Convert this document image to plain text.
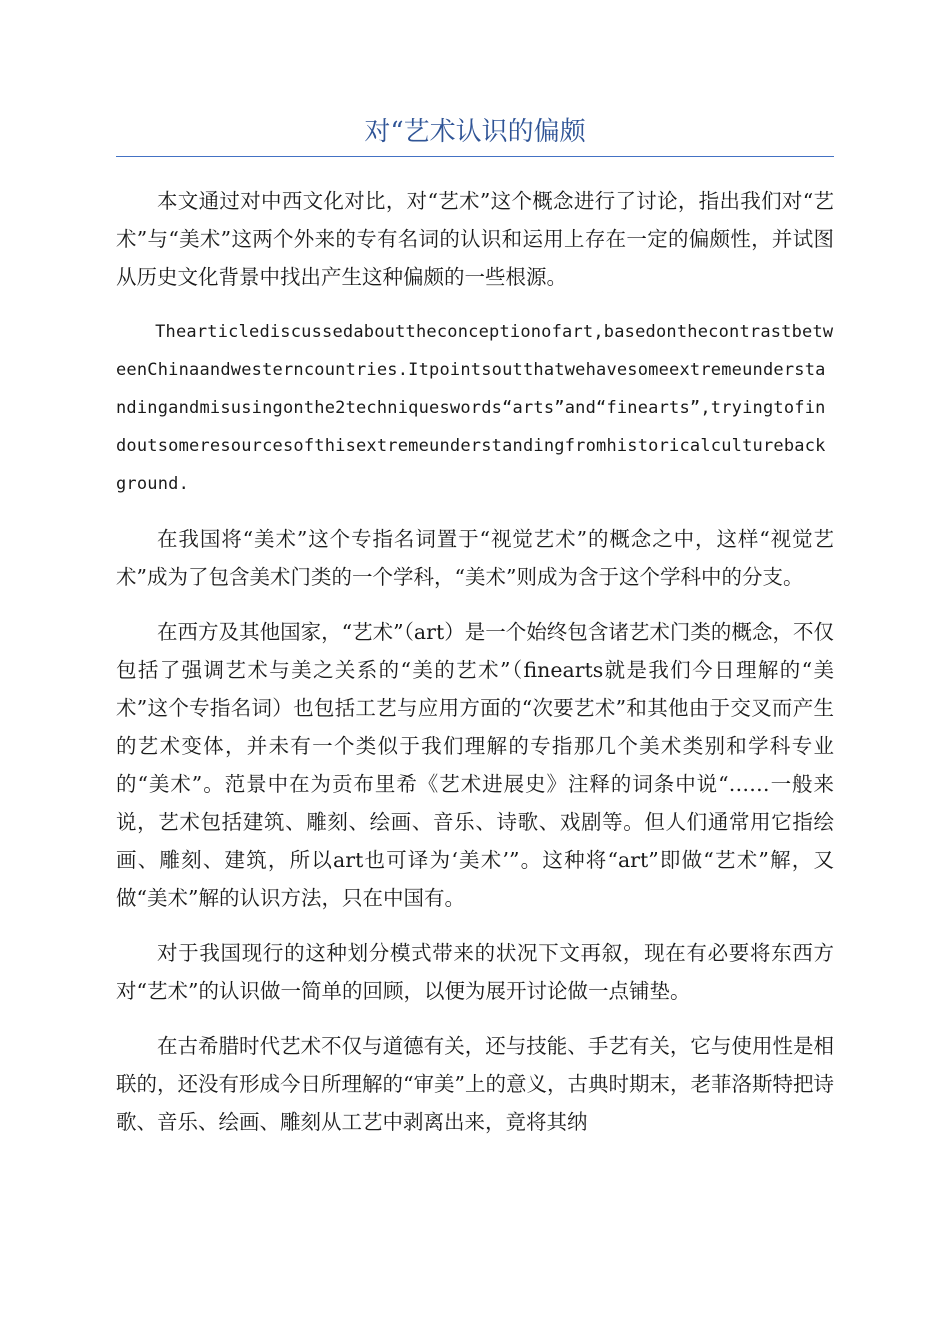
对“艺术认识的偏颇

本文通过对中西文化对比，对“艺术”这个概念进行了讨论，指出我们对“艺术”与“美术”这两个外来的专有名词的认识和运用上存在一定的偏颇性，并试图从历史文化背景中找出产生这种偏颇的一些根源。

Thearticlediscussedabouttheconceptionofart,basedonthecontrastbetweenChinaandwesterncountries.Itpointsoutthatwehavesomeextremeunderstandingandmisusingonthe2techniqueswords“arts”and“finearts”,tryingtofindoutsomeresourcesofthisextremeunderstandingfromhistoricalculturebackground.

在我国将“美术”这个专指名词置于“视觉艺术”的概念之中，这样“视觉艺术”成为了包含美术门类的一个学科，“美术”则成为含于这个学科中的分支。

在西方及其他国家，“艺术”（art）是一个始终包含诸艺术门类的概念，不仅包括了强调艺术与美之关系的“美的艺术”（finearts就是我们今日理解的“美术”这个专指名词）也包括工艺与应用方面的“次要艺术”和其他由于交叉而产生的艺术变体，并未有一个类似于我们理解的专指那几个美术类别和学科专业的“美术”。范景中在为贡布里希《艺术进展史》注释的词条中说“……一般来说，艺术包括建筑、雕刻、绘画、音乐、诗歌、戏剧等。但人们通常用它指绘画、雕刻、建筑，所以art也可译为‘美术’”。这种将“art”即做“艺术”解，又做“美术”解的认识方法，只在中国有。

对于我国现行的这种划分模式带来的状况下文再叙，现在有必要将东西方对“艺术”的认识做一简单的回顾，以便为展开讨论做一点铺垫。

在古希腊时代艺术不仅与道德有关，还与技能、手艺有关，它与使用性是相联的，还没有形成今日所理解的“审美”上的意义，古典时期末，老菲洛斯特把诗歌、音乐、绘画、雕刻从工艺中剥离出来，竟将其纳
